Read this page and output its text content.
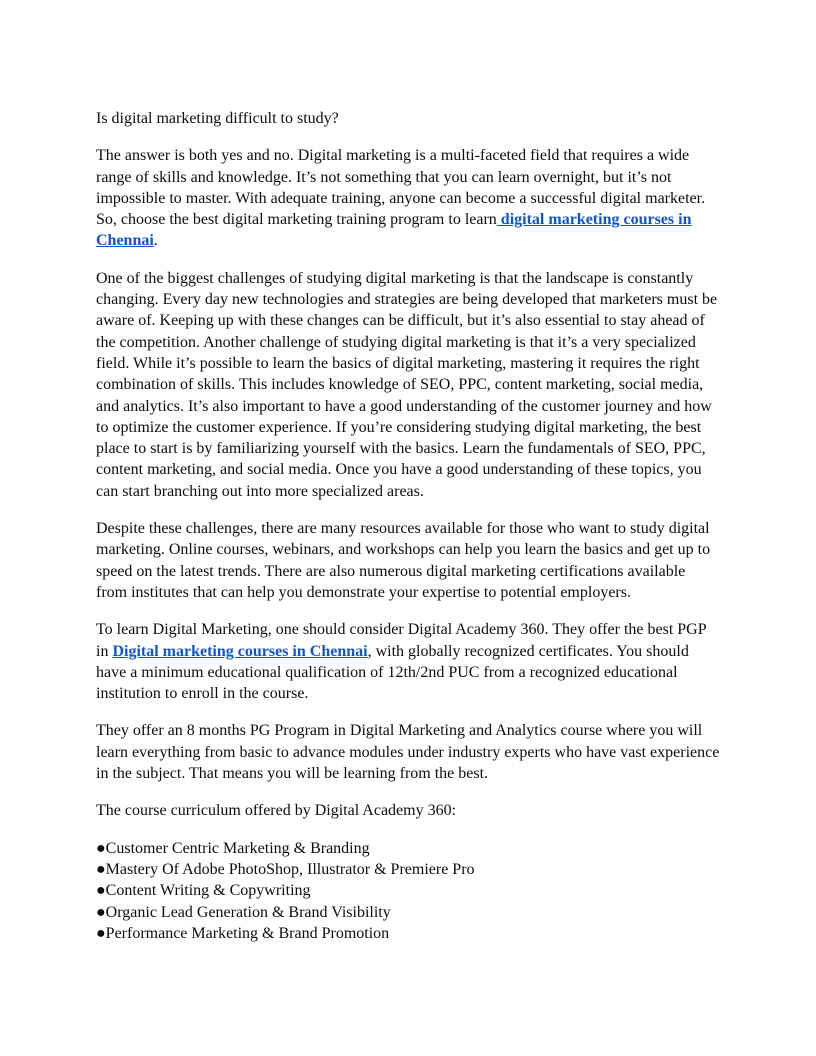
Is digital marketing difficult to study?

The answer is both yes and no. Digital marketing is a multi-faceted field that requires a wide range of skills and knowledge. It’s not something that you can learn overnight, but it’s not impossible to master. With adequate training, anyone can become a successful digital marketer. So, choose the best digital marketing training program to learn digital marketing courses in Chennai.

One of the biggest challenges of studying digital marketing is that the landscape is constantly changing. Every day new technologies and strategies are being developed that marketers must be aware of. Keeping up with these changes can be difficult, but it’s also essential to stay ahead of the competition. Another challenge of studying digital marketing is that it’s a very specialized field. While it’s possible to learn the basics of digital marketing, mastering it requires the right combination of skills. This includes knowledge of SEO, PPC, content marketing, social media, and analytics. It’s also important to have a good understanding of the customer journey and how to optimize the customer experience. If you’re considering studying digital marketing, the best place to start is by familiarizing yourself with the basics. Learn the fundamentals of SEO, PPC, content marketing, and social media. Once you have a good understanding of these topics, you can start branching out into more specialized areas.

Despite these challenges, there are many resources available for those who want to study digital marketing. Online courses, webinars, and workshops can help you learn the basics and get up to speed on the latest trends. There are also numerous digital marketing certifications available from institutes that can help you demonstrate your expertise to potential employers.

To learn Digital Marketing, one should consider Digital Academy 360. They offer the best PGP in Digital marketing courses in Chennai, with globally recognized certificates. You should have a minimum educational qualification of 12th/2nd PUC from a recognized educational institution to enroll in the course.

They offer an 8 months PG Program in Digital Marketing and Analytics course where you will learn everything from basic to advance modules under industry experts who have vast experience in the subject. That means you will be learning from the best.

The course curriculum offered by Digital Academy 360:

●Customer Centric Marketing & Branding
●Mastery Of Adobe PhotoShop, Illustrator & Premiere Pro
●Content Writing & Copywriting
●Organic Lead Generation & Brand Visibility
●Performance Marketing & Brand Promotion
